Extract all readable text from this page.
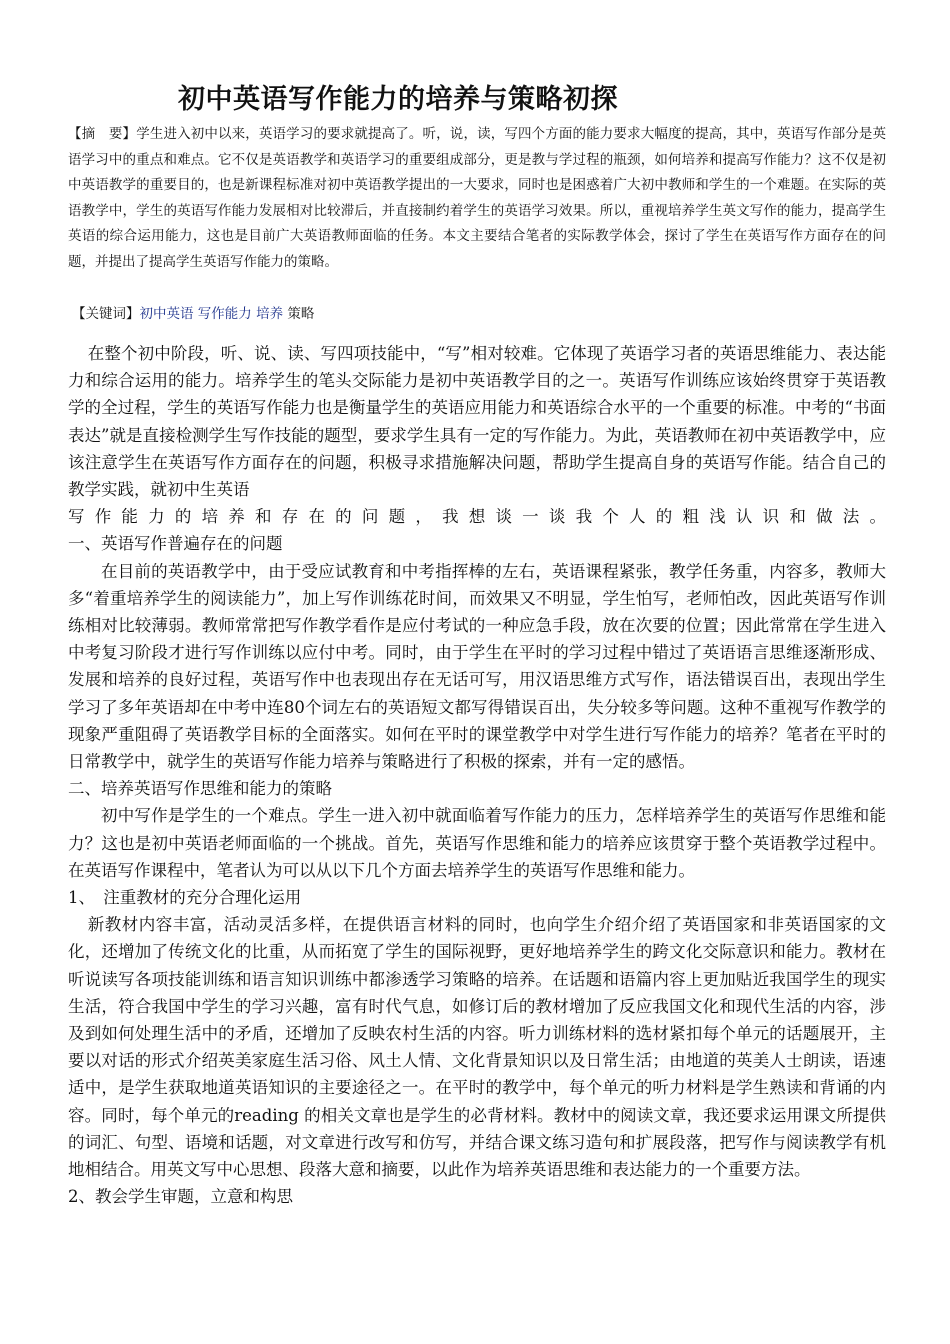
初中英语写作能力的培养与策略初探
【摘　要】学生进入初中以来，英语学习的要求就提高了。听，说，读，写四个方面的能力要求大幅度的提高，其中，英语写作部分是英语学习中的重点和难点。它不仅是英语教学和英语学习的重要组成部分，更是教与学过程的瓶颈，如何培养和提高写作能力？这不仅是初中英语教学的重要目的，也是新课程标准对初中英语教学提出的一大要求，同时也是困惑着广大初中教师和学生的一个难题。在实际的英语教学中，学生的英语写作能力发展相对比较滞后，并直接制约着学生的英语学习效果。所以，重视培养学生英文写作的能力，提高学生英语的综合运用能力，这也是目前广大英语教师面临的任务。本文主要结合笔者的实际教学体会，探讨了学生在英语写作方面存在的问题，并提出了提高学生英语写作能力的策略。
【关键词】初中英语 写作能力 培养 策略

在整个初中阶段，听、说、读、写四项技能中，“写”相对较难。它体现了英语学习者的英语思维能力、表达能力和综合运用的能力。培养学生的笔头交际能力是初中英语教学目的之一。英语写作训练应该始终贯穿于英语教学的全过程，学生的英语写作能力也是衡量学生的英语应用能力和英语综合水平的一个重要的标准。中考的“书面表达”就是直接检测学生写作技能的题型，要求学生具有一定的写作能力。为此，英语教师在初中英语教学中，应该注意学生在英语写作方面存在的问题，积极寻求措施解决问题，帮助学生提高自身的英语写作能。结合自己的教学实践，就初中生英语

写作能力的培养和存在的问题，我想谈一谈我个人的粗浅认识和做法。

一、英语写作普遍存在的问题

在目前的英语教学中，由于受应试教育和中考指挥棒的左右，英语课程紧张，教学任务重，内容多，教师大多“着重培养学生的阅读能力”，加上写作训练花时间，而效果又不明显，学生怕写，老师怕改，因此英语写作训练相对比较薄弱。教师常常把写作教学看作是应付考试的一种应急手段，放在次要的位置；因此常常在学生进入中考复习阶段才进行写作训练以应付中考。同时，由于学生在平时的学习过程中错过了英语语言思维逐渐形成、发展和培养的良好过程，英语写作中也表现出存在无话可写，用汉语思维方式写作，语法错误百出，表现出学生学习了多年英语却在中考中连80个词左右的英语短文都写得错误百出，失分较多等问题。这种不重视写作教学的现象严重阻碍了英语教学目标的全面落实。如何在平时的课堂教学中对学生进行写作能力的培养？笔者在平时的日常教学中，就学生的英语写作能力培养与策略进行了积极的探索，并有一定的感悟。

二、培养英语写作思维和能力的策略

初中写作是学生的一个难点。学生一进入初中就面临着写作能力的压力，怎样培养学生的英语写作思维和能力？这也是初中英语老师面临的一个挑战。首先，英语写作思维和能力的培养应该贯穿于整个英语教学过程中。在英语写作课程中，笔者认为可以从以下几个方面去培养学生的英语写作思维和能力。

1、　注重教材的充分合理化运用

新教材内容丰富，活动灵活多样，在提供语言材料的同时，也向学生介绍介绍了英语国家和非英语国家的文化，还增加了传统文化的比重，从而拓宽了学生的国际视野，更好地培养学生的跨文化交际意识和能力。教材在听说读写各项技能训练和语言知识训练中都渗透学习策略的培养。在话题和语篇内容上更加贴近我国学生的现实生活，符合我国中学生的学习兴趣，富有时代气息，如修订后的教材增加了反应我国文化和现代生活的内容，涉及到如何处理生活中的矛盾，还增加了反映农村生活的内容。听力训练材料的选材紧扣每个单元的话题展开，主要以对话的形式介绍英美家庭生活习俗、风土人情、文化背景知识以及日常生活；由地道的英美人士朗读，语速适中，是学生获取地道英语知识的主要途径之一。在平时的教学中，每个单元的听力材料是学生熟读和背诵的内容。同时，每个单元的reading 的相关文章也是学生的必背材料。教材中的阅读文章，我还要求运用课文所提供的词汇、句型、语境和话题，对文章进行改写和仿写，并结合课文练习造句和扩展段落，把写作与阅读教学有机地相结合。用英文写中心思想、段落大意和摘要，以此作为培养英语思维和表达能力的一个重要方法。

2、教会学生审题，立意和构思
